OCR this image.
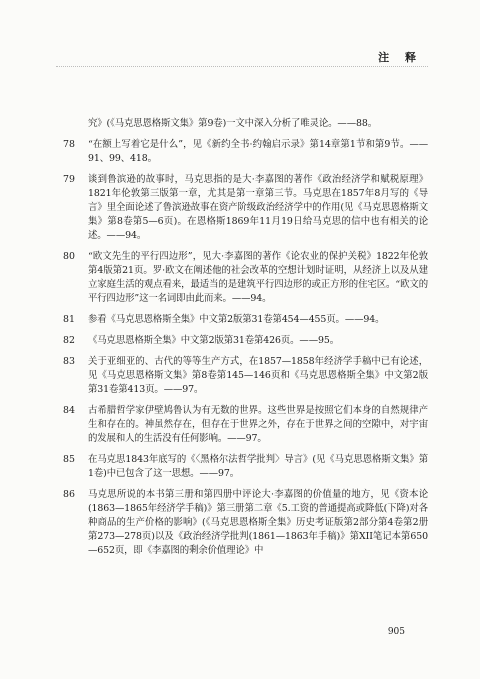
注 释
究》(《马克思恩格斯文集》第9卷)一文中深入分析了唯灵论。——88。
78 “在额上写着它是什么”，见《新约全书·约翰启示录》第14章第1节和第9节。——91、99、418。
79 谈到鲁滨逊的故事时，马克思指的是大·李嘉图的著作《政治经济学和赋税原理》1821年伦敦第三版第一章，尤其是第一章第三节。马克思在1857年8月写的《导言》里全面论述了鲁滨逊故事在资产阶级政治经济学中的作用(见《马克思恩格斯文集》第8卷第5—6页)。在恩格斯1869年11月19日给马克思的信中也有相关的论述。——94。
80 “欧文先生的平行四边形”，见大·李嘉图的著作《论农业的保护关税》1822年伦敦第4版第21页。罗·欧文在阐述他的社会改革的空想计划时证明，从经济上以及从建立家庭生活的观点看来，最适当的是建筑平行四边形的或正方形的住宅区。“欧文的平行四边形”这一名词即由此而来。——94。
81 参看《马克思恩格斯全集》中文第2版第31卷第454—455页。——94。
82 《马克思恩格斯全集》中文第2版第31卷第426页。——95。
83 关于亚细亚的、古代的等等生产方式，在1857—1858年经济学手稿中已有论述，见《马克思恩格斯文集》第8卷第145—146页和《马克思恩格斯全集》中文第2版第31卷第413页。——97。
84 古希腊哲学家伊壁鸠鲁认为有无数的世界。这些世界是按照它们本身的自然规律产生和存在的。神虽然存在，但存在于世界之外，存在于世界之间的空隙中，对宇宙的发展和人的生活没有任何影响。——97。
85 在马克思1843年底写的《〈黑格尔法哲学批判〉导言》(见《马克思恩格斯文集》第1卷)中已包含了这一思想。——97。
86 马克思所说的本书第三册和第四册中评论大·李嘉图的价值量的地方，见《资本论(1863—1865年经济学手稿)》第三册第二章《5.工资的普通提高或降低(下降)对各种商品的生产价格的影响》(《马克思恩格斯全集》历史考证版第2部分第4卷第2册第273—278页)以及《政治经济学批判(1861—1863年手稿)》第XII笔记本第650—652页，即《李嘉图的剩余价值理论》中
905
